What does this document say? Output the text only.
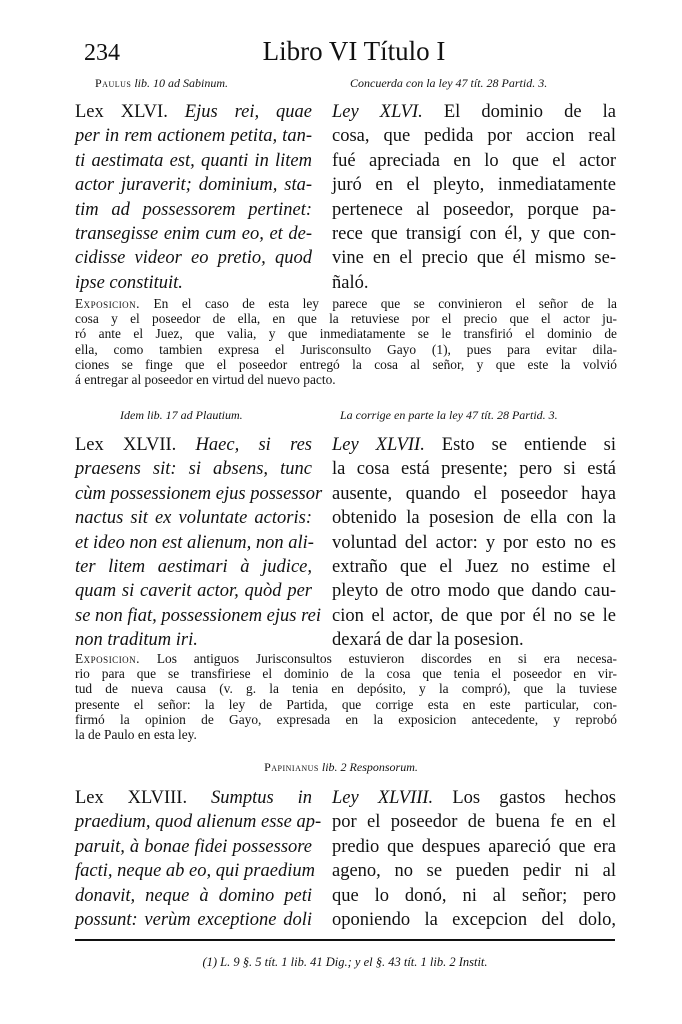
234	Libro VI Título I
Paulus lib. 10 ad Sabinum.	Concuerda con la ley 47 tít. 28 Partid. 3.
Lex XLVI. Ejus rei, quae
per in rem actionem petita, tan-
ti aestimata est, quanti in litem
actor juraverit; dominium, sta-
tim ad possessorem pertinet:
transegisse enim cum eo, et de-
cidisse videor eo pretio, quod
ipse constituit.
Ley XLVI. El dominio de la
cosa, que pedida por accion real
fué apreciada en lo que el actor
juró en el pleyto, inmediatamente
pertenece al poseedor, porque pa-
rece que transigí con él, y que con-
vine en el precio que él mismo se-
ñaló.
Exposicion. En el caso de esta ley parece que se convinieron el señor de la
cosa y el poseedor de ella, en que la retuviese por el precio que el actor ju-
ró ante el Juez, que valia, y que inmediatamente se le transfirió el dominio de
ella, como tambien expresa el Jurisconsulto Gayo (1), pues para evitar dila-
ciones se finge que el poseedor entregó la cosa al señor, y que este la volvió
á entregar al poseedor en virtud del nuevo pacto.
Idem lib. 17 ad Plautium.	La corrige en parte la ley 47 tít. 28 Partid. 3.
Lex XLVII. Haec, si res
praesens sit: si absens, tunc
cùm possessionem ejus possessor
nactus sit ex voluntate actoris:
et ideo non est alienum, non ali-
ter litem aestimari à judice,
quam si caverit actor, quòd per
se non fiat, possessionem ejus rei
non traditum iri.
Ley XLVII. Esto se entiende si
la cosa está presente; pero si está
ausente, quando el poseedor haya
obtenido la posesion de ella con la
voluntad del actor: y por esto no es
extraño que el Juez no estime el
pleyto de otro modo que dando cau-
cion el actor, de que por él no se le
dexará de dar la posesion.
Exposicion. Los antiguos Jurisconsultos estuvieron discordes en si era necesa-
rio para que se transfiriese el dominio de la cosa que tenia el poseedor en vir-
tud de nueva causa (v. g. la tenia en depósito, y la compró), que la tuviese
presente el señor: la ley de Partida, que corrige esta en este particular, con-
firmó la opinion de Gayo, expresada en la exposicion antecedente, y reprobó
la de Paulo en esta ley.
Papinianus lib. 2 Responsorum.
Lex XLVIII. Sumptus in
praedium, quod alienum esse ap-
paruit, à bonae fidei possessore
facti, neque ab eo, qui praedium
donavit, neque à domino peti
possunt: verùm exceptione doli
Ley XLVIII. Los gastos hechos
por el poseedor de buena fe en el
predio que despues apareció que era
ageno, no se pueden pedir ni al
que lo donó, ni al señor; pero
oponiendo la excepcion del dolo,
(1) L. 9 §. 5 tít. 1 lib. 41 Dig.; y el §. 43 tít. 1 lib. 2 Instit.
